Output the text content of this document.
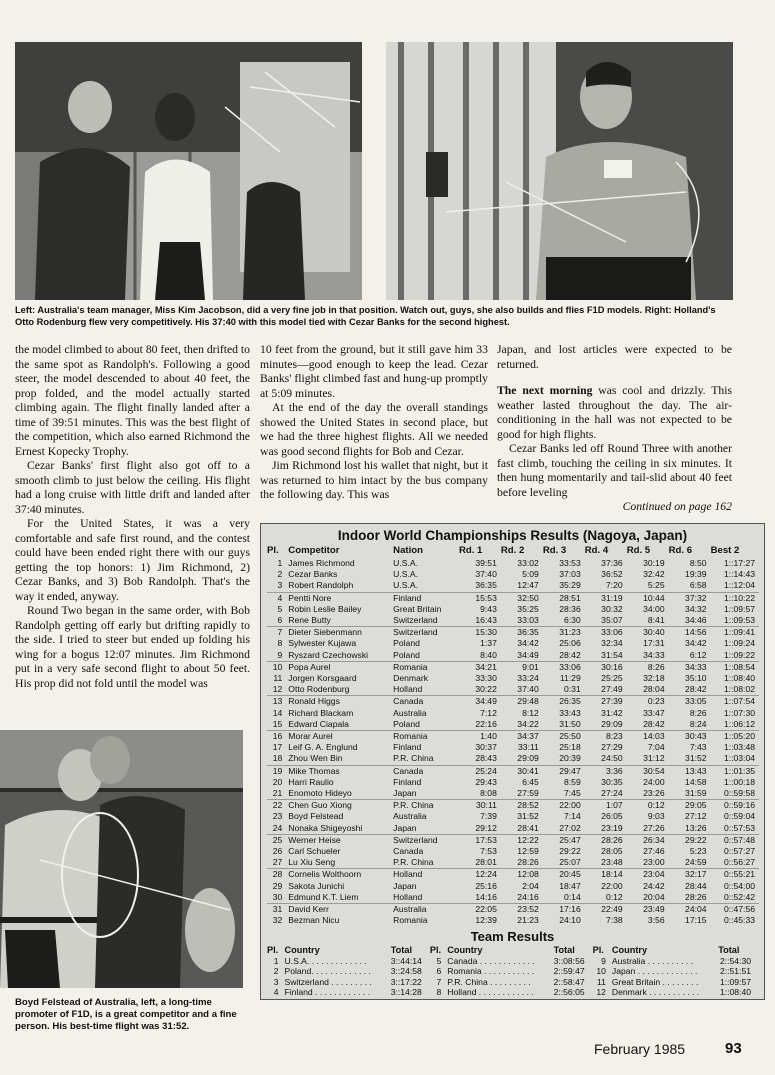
Left: Australia's team manager, Miss Kim Jacobson, did a very fine job in that position. Watch out, guys, she also builds and flies F1D models. Right: Holland's Otto Rodenburg flew very competitively. His 37:40 with this model tied with Cezar Banks for the second highest.

the model climbed to about 80 feet, then drifted to the same spot as Randolph's. Following a good steer, the model descended to about 40 feet, the prop folded, and the model actually started climbing again. The flight finally landed after a time of 39:51 minutes. This was the best flight of the competition, which also earned Richmond the Ernest Kopecky Trophy.

Cezar Banks' first flight also got off to a smooth climb to just below the ceiling. His flight had a long cruise with little drift and landed after 37:40 minutes.

For the United States, it was a very comfortable and safe first round, and the contest could have been ended right there with our guys getting the top honors: 1) Jim Richmond, 2) Cezar Banks, and 3) Bob Randolph. That's the way it ended, anyway.

Round Two began in the same order, with Bob Randolph getting off early but drifting rapidly to the side. I tried to steer but ended up folding his wing for a bogus 12:07 minutes. Jim Richmond put in a very safe second flight to about 50 feet. His prop did not fold until the model was

10 feet from the ground, but it still gave him 33 minutes—good enough to keep the lead. Cezar Banks' flight climbed fast and hung-up promptly at 5:09 minutes.

At the end of the day the overall standings showed the United States in second place, but we had the three highest flights. All we needed was good second flights for Bob and Cezar.

Jim Richmond lost his wallet that night, but it was returned to him intact by the bus company the following day. This was

Japan, and lost articles were expected to be returned.

The next morning was cool and drizzly. This weather lasted throughout the day. The air-conditioning in the hall was not expected to be good for high flights.

Cezar Banks led off Round Three with another fast climb, touching the ceiling in six minutes. It then hung momentarily and tail-slid about 40 feet before leveling

Continued on page 162

Boyd Felstead of Australia, left, a long-time promoter of F1D, is a great competitor and a fine person. His best-time flight was 31:52.
Indoor World Championships Results (Nagoya, Japan)
Pl.	Competitor	Nation	Rd. 1	Rd. 2	Rd. 3	Rd. 4	Rd. 5	Rd. 6	Best 2
1	James Richmond	U.S.A.	39:51	33:02	33:53	37:36	30:19	8:50	1::17:27
2	Cezar Banks	U.S.A.	37:40	5:09	37:03	36:52	32:42	19:39	1::14:43
3	Robert Randolph	U.S.A.	36:35	12:47	35:29	7:20	5:25	6:58	1::12:04
4	Pentti Nore	Finland	15:53	32:50	28:51	31:19	10:44	37:32	1::10:22
5	Robin Leslie Bailey	Great Britain	9:43	35:25	28:36	30:32	34:00	34:32	1::09:57
6	Rene Butty	Switzerland	16:43	33:03	6:30	35:07	8:41	34:46	1::09:53
7	Dieter Siebenmann	Switzerland	15:30	36:35	31:23	33:06	30:40	14:56	1::09:41
8	Sylwester Kujawa	Poland	1:37	34:42	25:06	32:34	17:31	34:42	1::09:24
9	Ryszard Czechowski	Poland	8:40	34:49	28:42	31:54	34:33	6:12	1::09:22
10	Popa Aurel	Romania	34:21	9:01	33:06	30:16	8:26	34:33	1::08:54
11	Jorgen Korsgaard	Denmark	33:30	33:24	11:29	25:25	32:18	35:10	1::08:40
12	Otto Rodenburg	Holland	30:22	37:40	0:31	27:49	28:04	28:42	1::08:02
13	Ronald Higgs	Canada	34:49	29:48	26:35	27:39	0:23	33:05	1::07:54
14	Richard Blackam	Australia	7:12	8:12	33:43	31:42	33:47	8:26	1::07:30
15	Edward Ciapala	Poland	22:16	34:22	31:50	29:09	28:42	8:24	1::06:12
16	Morar Aurel	Romania	1:40	34:37	25:50	8:23	14:03	30:43	1::05:20
17	Leif G. A. Englund	Finland	30:37	33:11	25:18	27:29	7:04	7:43	1::03:48
18	Zhou Wen Bin	P.R. China	28:43	29:09	20:39	24:50	31:12	31:52	1::03:04
19	Mike Thomas	Canada	25:24	30:41	29:47	3:36	30:54	13:43	1::01:35
20	Harri Raulio	Finland	29:43	6:45	8:59	30:35	24:00	14:58	1::00:18
21	Enomoto Hideyo	Japan	8:08	27:59	7:45	27:24	23:26	31:59	0::59:58
22	Chen Guo Xiong	P.R. China	30:11	28:52	22:00	1:07	0:12	29:05	0::59:16
23	Boyd Felstead	Australia	7:39	31:52	7:14	26:05	9:03	27:12	0::59:04
24	Nonaka Shigeyoshi	Japan	29:12	28:41	27:02	23:19	27:26	13:26	0::57:53
25	Werner Heise	Switzerland	17:53	12:22	25:47	28:26	26:34	29:22	0::57:48
26	Carl Schueler	Canada	7:53	12:59	29:22	28:05	27:46	5:23	0::57:27
27	Lu Xiu Seng	P.R. China	28:01	28:26	25:07	23:48	23:00	24:59	0::56:27
28	Cornelis Wolthoorn	Holland	12:24	12:08	20:45	18:14	23:04	32:17	0::55:21
29	Sakota Junichi	Japan	25:16	2:04	18:47	22:00	24:42	28:44	0::54:00
30	Edmund K.T. Liem	Holland	14:16	24:16	0:14	0:12	20:04	28:26	0::52:42
31	David Kerr	Australia	22:05	23:52	17:16	22:49	23:49	24:04	0::47:56
32	Bezman Nicu	Romania	12:39	21:23	24:10	7:38	3:56	17:15	0::45:33
Team Results
Pl.	Country	Total	Pl.	Country	Total	Pl.	Country	Total
1	U.S.A. . . . . . . . . . . . .	3::44:14	5	Canada . . . . . . . . . . . .	3::08:56	9	Australia . . . . . . . . . .	2::54:30
2	Poland. . . . . . . . . . . . .	3::24:58	6	Romania . . . . . . . . . . .	2::59:47	10	Japan . . . . . . . . . . . . .	2::51:51
3	Switzerland . . . . . . . . .	3::17:22	7	P.R. China . . . . . . . . .	2::58:47	11	Great Britain . . . . . . . .	1::09:57
4	Finland . . . . . . . . . . . .	3::14:28	8	Holland . . . . . . . . . . . .	2::56:05	12	Denmark . . . . . . . . . . .	1::08:40
February 1985	93
